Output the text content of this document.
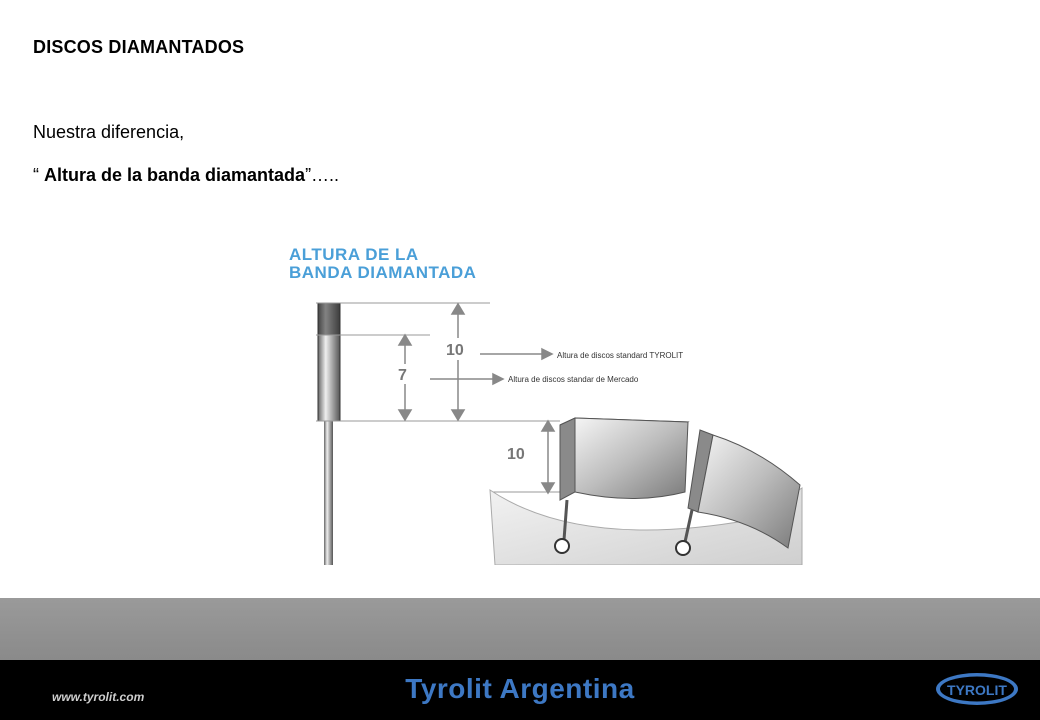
DISCOS DIAMANTADOS
Nuestra diferencia,
“ Altura de la banda diamantada”…..
ALTURA DE LA
BANDA DIAMANTADA
10
7
10
Altura de discos standard TYROLIT
Altura de discos standar de Mercado
www.tyrolit.com	Tyrolit Argentina	TYROLIT
